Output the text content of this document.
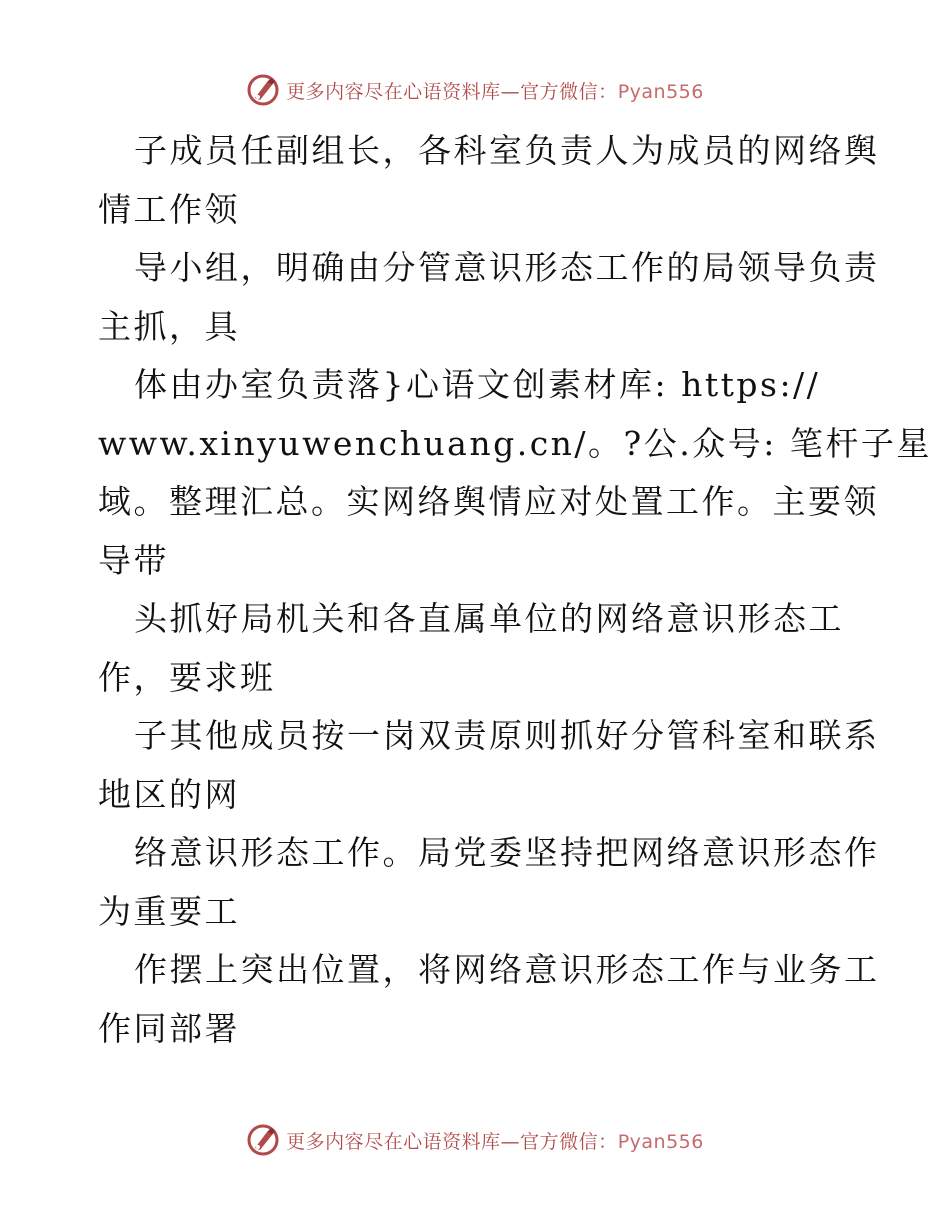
更多内容尽在心语资料库—官方微信：Pyan556
子成员任副组长，各科室负责人为成员的网络舆
情工作领
导小组，明确由分管意识形态工作的局领导负责
主抓，具
体由办室负责落}心语文创素材库: https://
www.xinyuwenchuang.cn/。?公.众号: 笔杆子星
域。整理汇总。实网络舆情应对处置工作。主要领
导带
头抓好局机关和各直属单位的网络意识形态工
作，要求班
子其他成员按一岗双责原则抓好分管科室和联系
地区的网
络意识形态工作。局党委坚持把网络意识形态作
为重要工
作摆上突出位置，将网络意识形态工作与业务工
作同部署
更多内容尽在心语资料库—官方微信：Pyan556
